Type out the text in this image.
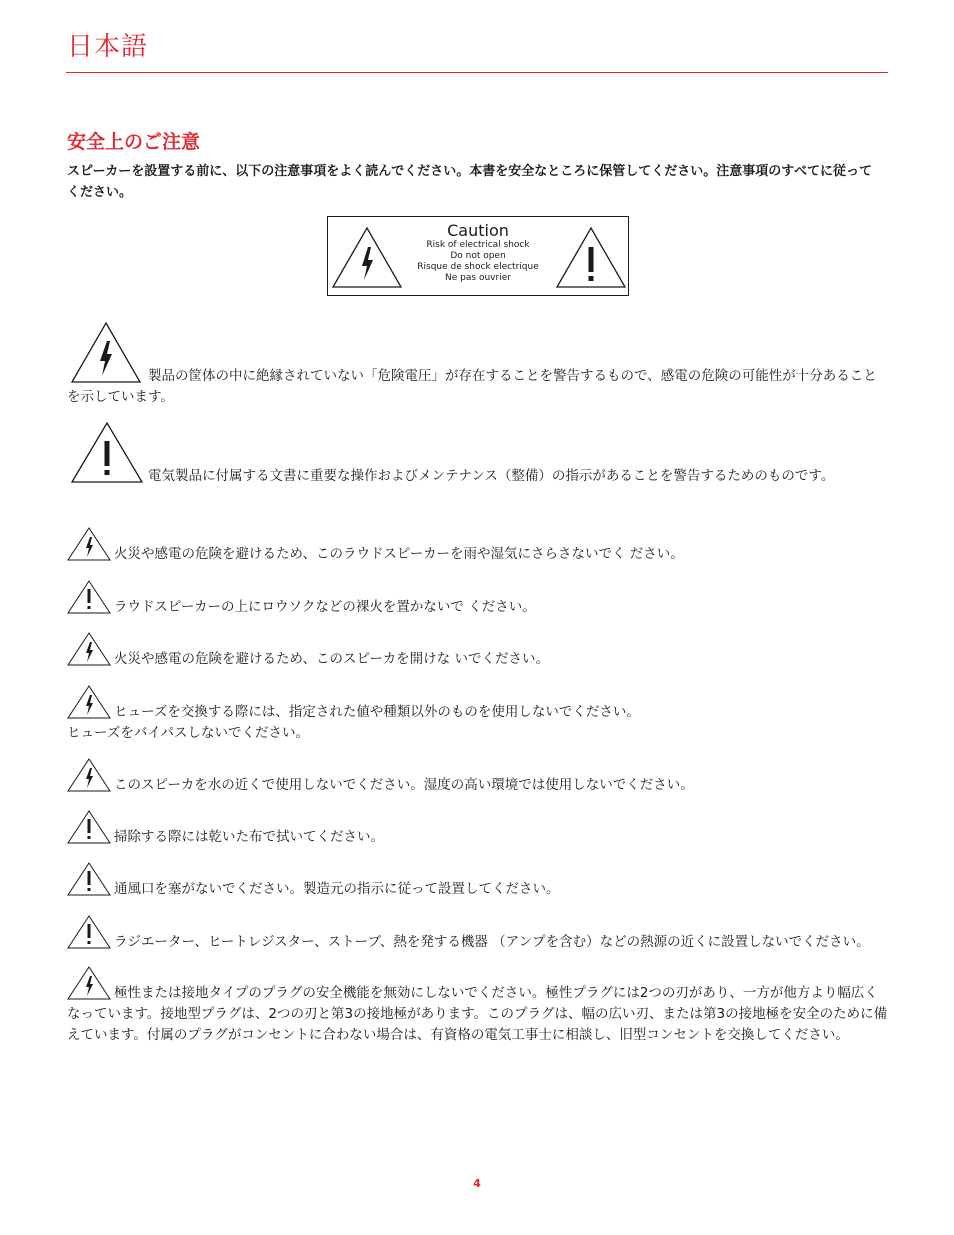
日本語
安全上のご注意
スピーカーを設置する前に、以下の注意事項をよく読んでください。本書を安全なところに保管してください。注意事項のすべてに従ってください。
Caution
Risk of electrical shock
Do not open
Risque de shock electrique
Ne pas ouvrier
製品の筐体の中に絶縁されていない「危険電圧」が存在することを警告するもので、感電の危険の可能性が十分あることを示しています。
電気製品に付属する文書に重要な操作およびメンテナンス（整備）の指示があることを警告するためのものです。
火災や感電の危険を避けるため、このラウドスピーカーを雨や湿気にさらさないでく ださい。
ラウドスピーカーの上にロウソクなどの裸火を置かないで ください。
火災や感電の危険を避けるため、このスピーカを開けな いでください。
ヒューズを交換する際には、指定された値や種類以外のものを使用しないでください。
ヒューズをバイパスしないでください。
このスピーカを水の近くで使用しないでください。湿度の高い環境では使用しないでください。
掃除する際には乾いた布で拭いてください。
通風口を塞がないでください。製造元の指示に従って設置してください。
ラジエーター、ヒートレジスター、ストーブ、熱を発する機器 （アンプを含む）などの熱源の近くに設置しないでください。
極性または接地タイプのプラグの安全機能を無効にしないでください。極性プラグには2つの刃があり、一方が他方より幅広くなっています。接地型プラグは、2つの刃と第3の接地極があります。このプラグは、幅の広い刃、または第3の接地極を安全のために備えています。付属のプラグがコンセントに合わない場合は、有資格の電気工事士に相談し、旧型コンセントを交換してください。
4
